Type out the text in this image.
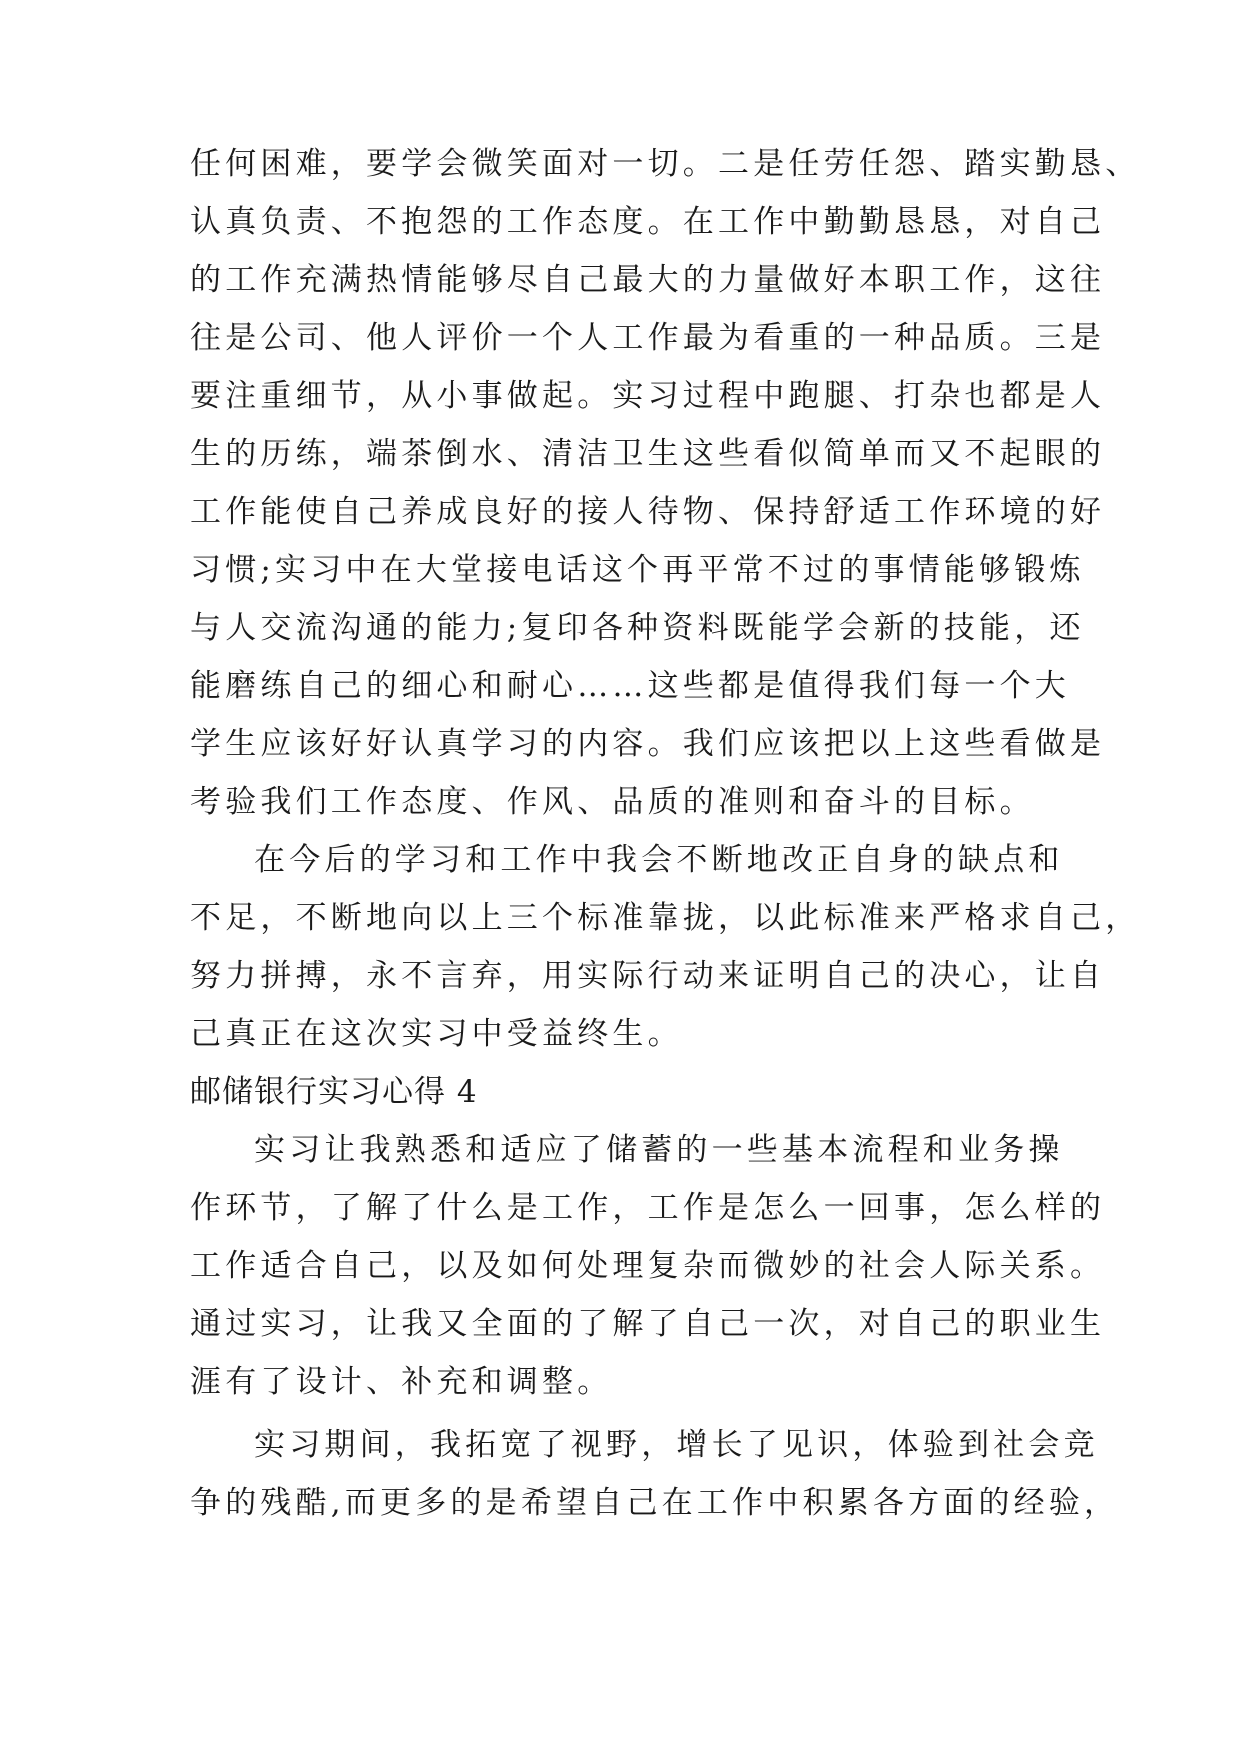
任何困难，要学会微笑面对一切。二是任劳任怨、踏实勤恳、
认真负责、不抱怨的工作态度。在工作中勤勤恳恳，对自己
的工作充满热情能够尽自己最大的力量做好本职工作，这往
往是公司、他人评价一个人工作最为看重的一种品质。三是
要注重细节，从小事做起。实习过程中跑腿、打杂也都是人
生的历练，端茶倒水、清洁卫生这些看似简单而又不起眼的
工作能使自己养成良好的接人待物、保持舒适工作环境的好
习惯;实习中在大堂接电话这个再平常不过的事情能够锻炼
与人交流沟通的能力;复印各种资料既能学会新的技能，还
能磨练自己的细心和耐心……这些都是值得我们每一个大
学生应该好好认真学习的内容。我们应该把以上这些看做是
考验我们工作态度、作风、品质的准则和奋斗的目标。
在今后的学习和工作中我会不断地改正自身的缺点和
不足，不断地向以上三个标准靠拢，以此标准来严格求自己，
努力拼搏，永不言弃，用实际行动来证明自己的决心，让自
己真正在这次实习中受益终生。
邮储银行实习心得 4
实习让我熟悉和适应了储蓄的一些基本流程和业务操
作环节，了解了什么是工作，工作是怎么一回事，怎么样的
工作适合自己，以及如何处理复杂而微妙的社会人际关系。
通过实习，让我又全面的了解了自己一次，对自己的职业生
涯有了设计、补充和调整。
实习期间，我拓宽了视野，增长了见识，体验到社会竞
争的残酷,而更多的是希望自己在工作中积累各方面的经验，
